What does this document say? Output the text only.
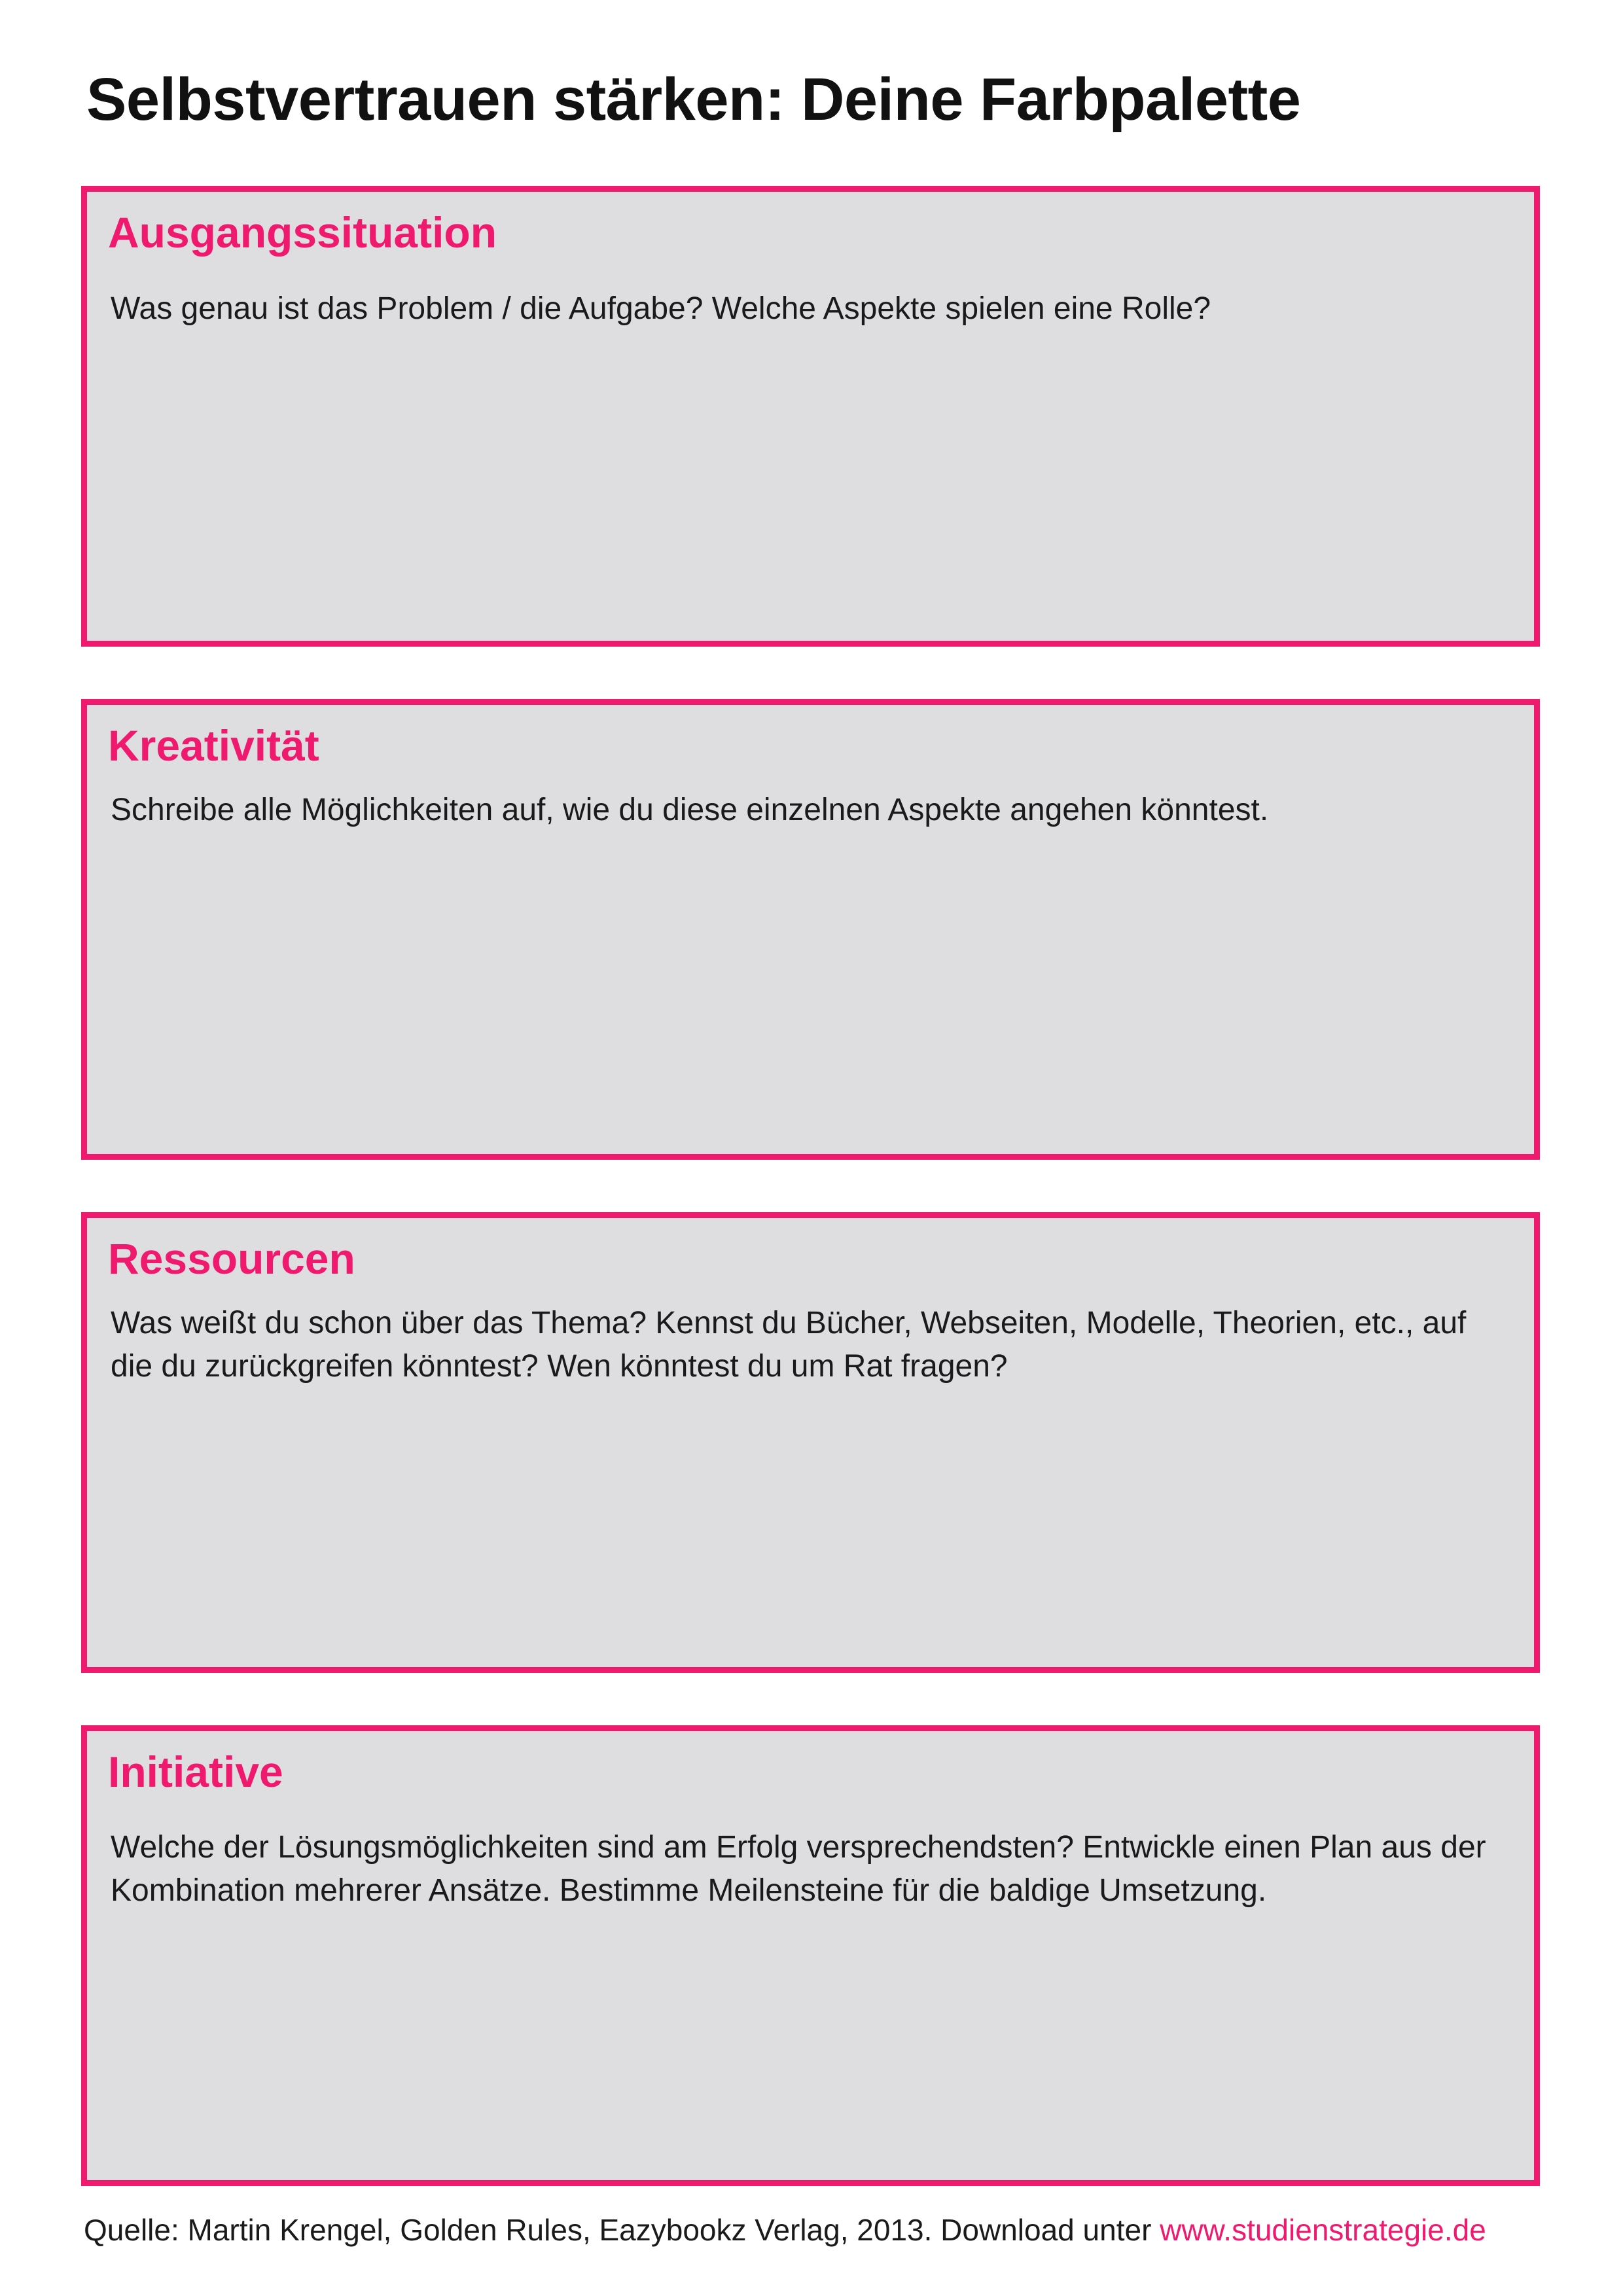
Selbstvertrauen stärken: Deine Farbpalette
Ausgangssituation

Was genau ist das Problem / die Aufgabe? Welche Aspekte spielen eine Rolle?

Kreativität

Schreibe alle Möglichkeiten auf, wie du diese einzelnen Aspekte angehen könntest.

Ressourcen

Was weißt du schon über das Thema? Kennst du Bücher, Webseiten, Modelle, Theorien, etc., auf die du zurückgreifen könntest? Wen könntest du um Rat fragen?

Initiative

Welche der Lösungsmöglichkeiten sind am Erfolg versprechendsten? Entwickle einen Plan aus der Kombination mehrerer Ansätze. Bestimme Meilensteine für die baldige Umsetzung.

Quelle: Martin Krengel, Golden Rules, Eazybookz Verlag, 2013. Download unter www.studienstrategie.de
